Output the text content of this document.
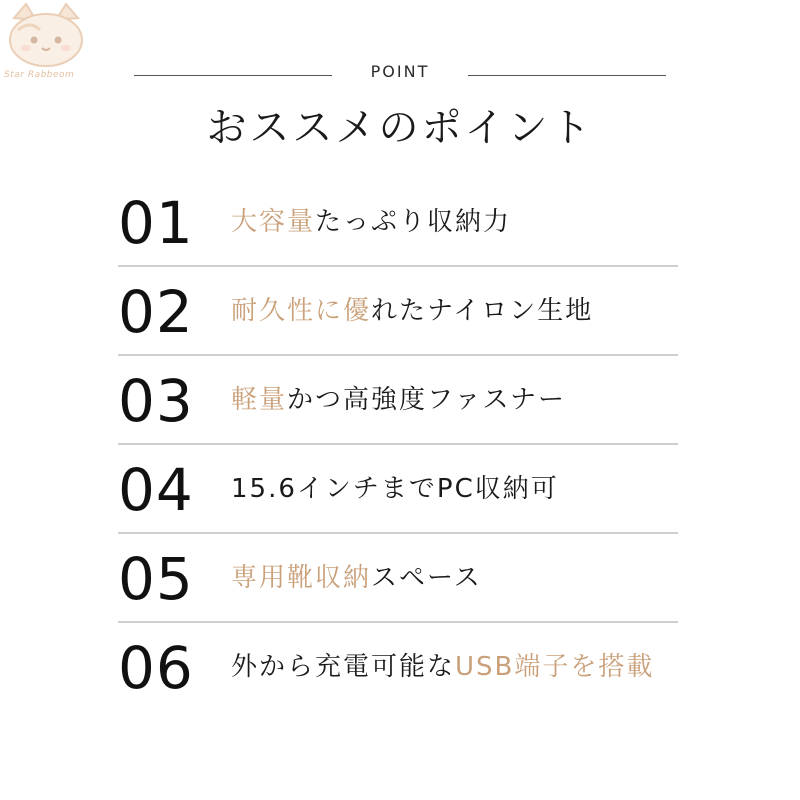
Star Rabbeom	POINT
おススメのポイント
01 大容量たっぷり収納力
02 耐久性に優れたナイロン生地
03 軽量かつ高強度ファスナー
04 15.6インチまでPC収納可
05 専用靴収納スペース
06 外から充電可能なUSB端子を搭載
